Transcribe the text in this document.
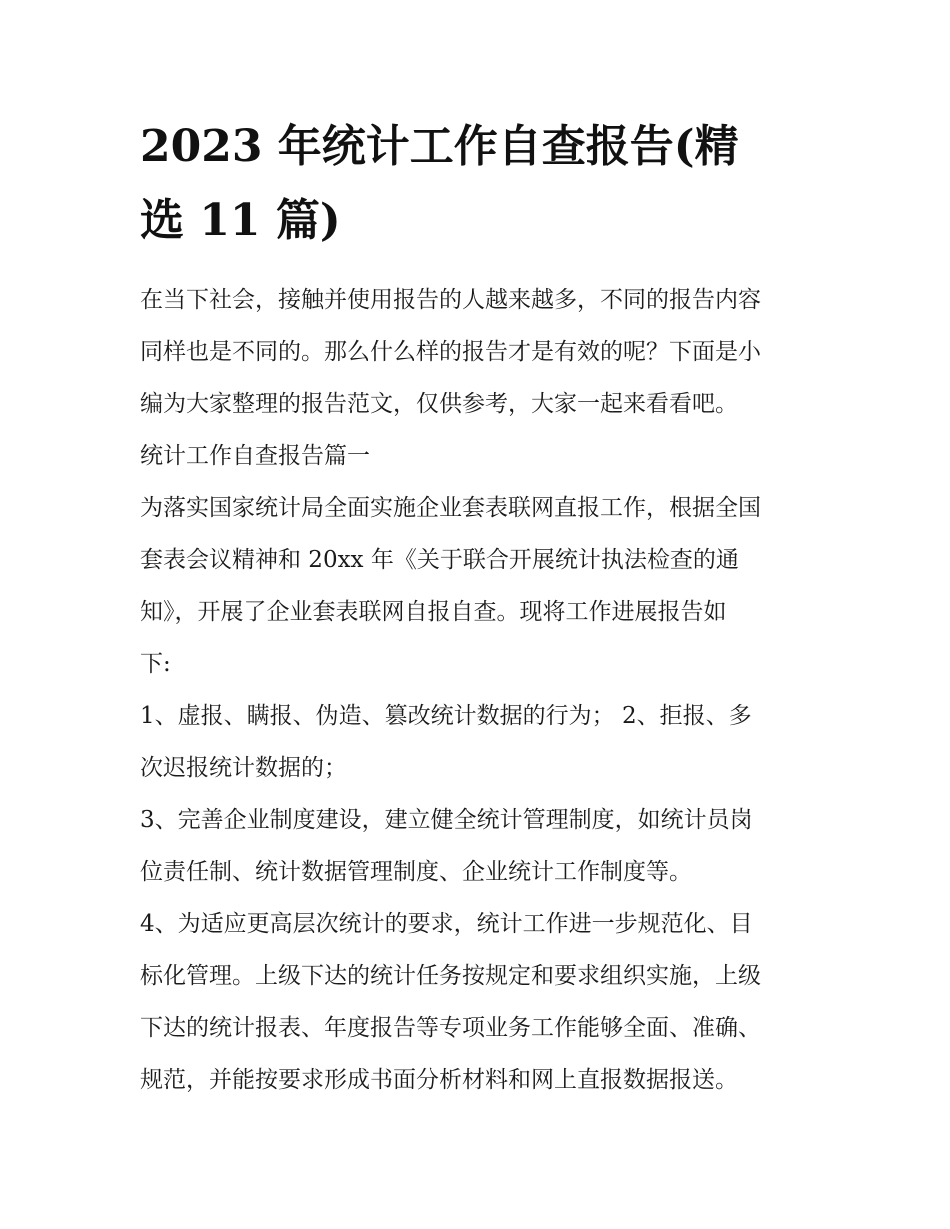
2023 年统计工作自查报告(精
选 11 篇)
在当下社会，接触并使用报告的人越来越多，不同的报告内容
同样也是不同的。那么什么样的报告才是有效的呢？下面是小
编为大家整理的报告范文，仅供参考，大家一起来看看吧。
统计工作自查报告篇一
为落实国家统计局全面实施企业套表联网直报工作，根据全国
套表会议精神和 20xx 年《关于联合开展统计执法检查的通
知》，开展了企业套表联网自报自查。现将工作进展报告如
下:
1、虚报、瞒报、伪造、篡改统计数据的行为； 2、拒报、多
次迟报统计数据的；
3、完善企业制度建设，建立健全统计管理制度，如统计员岗
位责任制、统计数据管理制度、企业统计工作制度等。
4、为适应更高层次统计的要求，统计工作进一步规范化、目
标化管理。上级下达的统计任务按规定和要求组织实施，上级
下达的统计报表、年度报告等专项业务工作能够全面、准确、
规范，并能按要求形成书面分析材料和网上直报数据报送。
